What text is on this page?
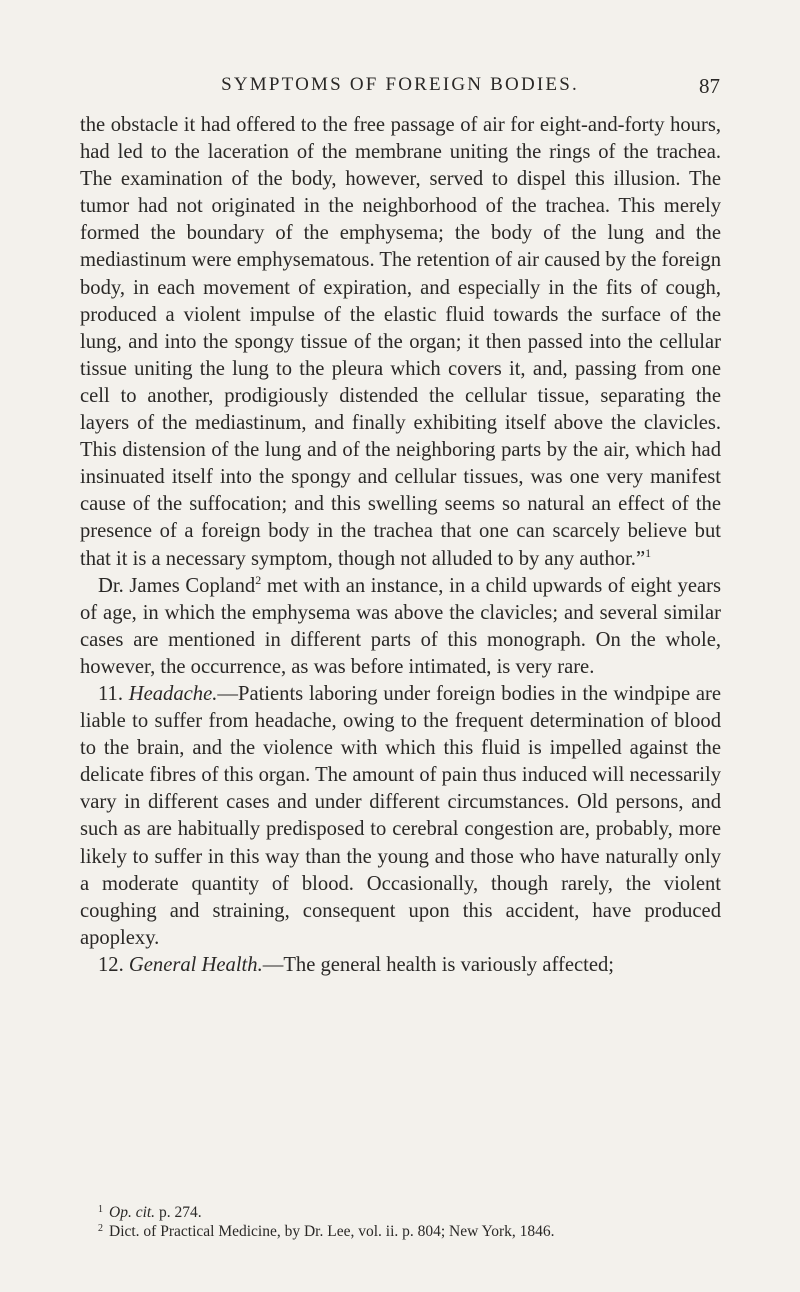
SYMPTOMS OF FOREIGN BODIES.	87

the obstacle it had offered to the free passage of air for eight-and-forty hours, had led to the laceration of the membrane uniting the rings of the trachea. The examination of the body, however, served to dispel this illusion. The tumor had not originated in the neighborhood of the trachea. This merely formed the boundary of the emphysema; the body of the lung and the mediastinum were emphysematous. The retention of air caused by the foreign body, in each movement of expiration, and especially in the fits of cough, produced a violent impulse of the elastic fluid towards the surface of the lung, and into the spongy tissue of the organ; it then passed into the cellular tissue uniting the lung to the pleura which covers it, and, passing from one cell to another, prodigiously distended the cellular tissue, separating the layers of the mediastinum, and finally exhibiting itself above the clavicles. This distension of the lung and of the neighboring parts by the air, which had insinuated itself into the spongy and cellular tissues, was one very manifest cause of the suffocation; and this swelling seems so natural an effect of the presence of a foreign body in the trachea that one can scarcely believe but that it is a necessary symptom, though not alluded to by any author.”$^1$

Dr. James Copland$^2$ met with an instance, in a child upwards of eight years of age, in which the emphysema was above the clavicles; and several similar cases are mentioned in different parts of this monograph. On the whole, however, the occurrence, as was before intimated, is very rare.

11. Headache.—Patients laboring under foreign bodies in the windpipe are liable to suffer from headache, owing to the frequent determination of blood to the brain, and the violence with which this fluid is impelled against the delicate fibres of this organ. The amount of pain thus induced will necessarily vary in different cases and under different circumstances. Old persons, and such as are habitually predisposed to cerebral congestion are, probably, more likely to suffer in this way than the young and those who have naturally only a moderate quantity of blood. Occasionally, though rarely, the violent coughing and straining, consequent upon this accident, have produced apoplexy.

12. General Health.—The general health is variously affected;

$^1$ Op. cit. p. 274.
$^2$ Dict. of Practical Medicine, by Dr. Lee, vol. ii. p. 804; New York, 1846.
